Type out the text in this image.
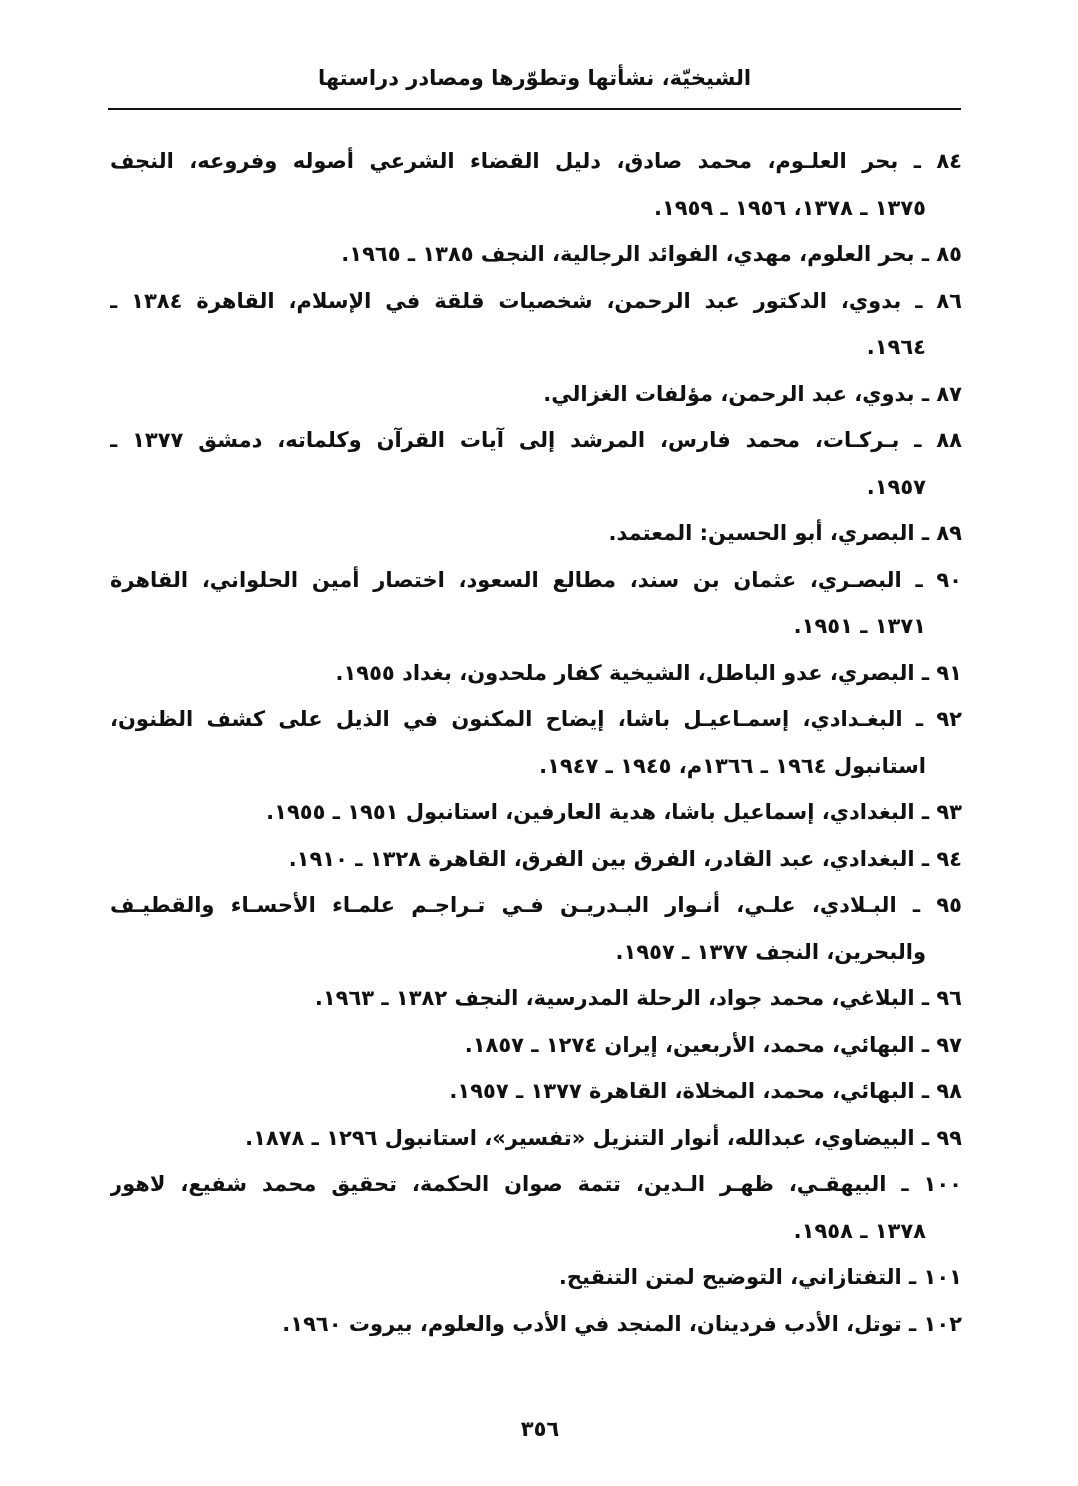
الشيخيّة، نشأتها وتطوّرها ومصادر دراستها
٨٤ ـ بحر العلـوم، محمد صادق، دليل القضاء الشرعي أصوله وفروعه، النجف
١٣٧٥ ـ ١٣٧٨، ١٩٥٦ ـ ١٩٥٩.
٨٥ ـ بحر العلوم، مهدي، الفوائد الرجالية، النجف ١٣٨٥ ـ ١٩٦٥.
٨٦ ـ بدوي، الدكتور عبد الرحمن، شخصيات قلقة في الإسلام، القاهرة ١٣٨٤ ـ
١٩٦٤.
٨٧ ـ بدوي، عبد الرحمن، مؤلفات الغزالي.
٨٨ ـ بـركـات، محمد فارس، المرشد إلى آيات القرآن وكلماته، دمشق ١٣٧٧ ـ
١٩٥٧.
٨٩ ـ البصري، أبو الحسين: المعتمد.
٩٠ ـ البصـري، عثمان بن سند، مطالع السعود، اختصار أمين الحلواني، القاهرة
١٣٧١ ـ ١٩٥١.
٩١ ـ البصري، عدو الباطل، الشيخية كفار ملحدون، بغداد ١٩٥٥.
٩٢ ـ البغـدادي، إسمـاعيـل باشا، إيضاح المكنون في الذيل على كشف الظنون،
استانبول ١٩٦٤ ـ ١٣٦٦م، ١٩٤٥ ـ ١٩٤٧.
٩٣ ـ البغدادي، إسماعيل باشا، هدية العارفين، استانبول ١٩٥١ ـ ١٩٥٥.
٩٤ ـ البغدادي، عبد القادر، الفرق بين الفرق، القاهرة ١٣٢٨ ـ ١٩١٠.
٩٥ ـ البـلادي، علـي، أنـوار البـدريـن فـي تـراجـم علمـاء الأحسـاء والقطيـف
والبحرين، النجف ١٣٧٧ ـ ١٩٥٧.
٩٦ ـ البلاغي، محمد جواد، الرحلة المدرسية، النجف ١٣٨٢ ـ ١٩٦٣.
٩٧ ـ البهائي، محمد، الأربعين، إيران ١٢٧٤ ـ ١٨٥٧.
٩٨ ـ البهائي، محمد، المخلاة، القاهرة ١٣٧٧ ـ ١٩٥٧.
٩٩ ـ البيضاوي، عبدالله، أنوار التنزيل «تفسير»، استانبول ١٢٩٦ ـ ١٨٧٨.
١٠٠ ـ البيهقـي، ظهـر الـدين، تتمة صوان الحكمة، تحقيق محمد شفيع، لاهور
١٣٧٨ ـ ١٩٥٨.
١٠١ ـ التفتازاني، التوضيح لمتن التنقيح.
١٠٢ ـ توتل، الأدب فردينان، المنجد في الأدب والعلوم، بيروت ١٩٦٠.
٣٥٦
